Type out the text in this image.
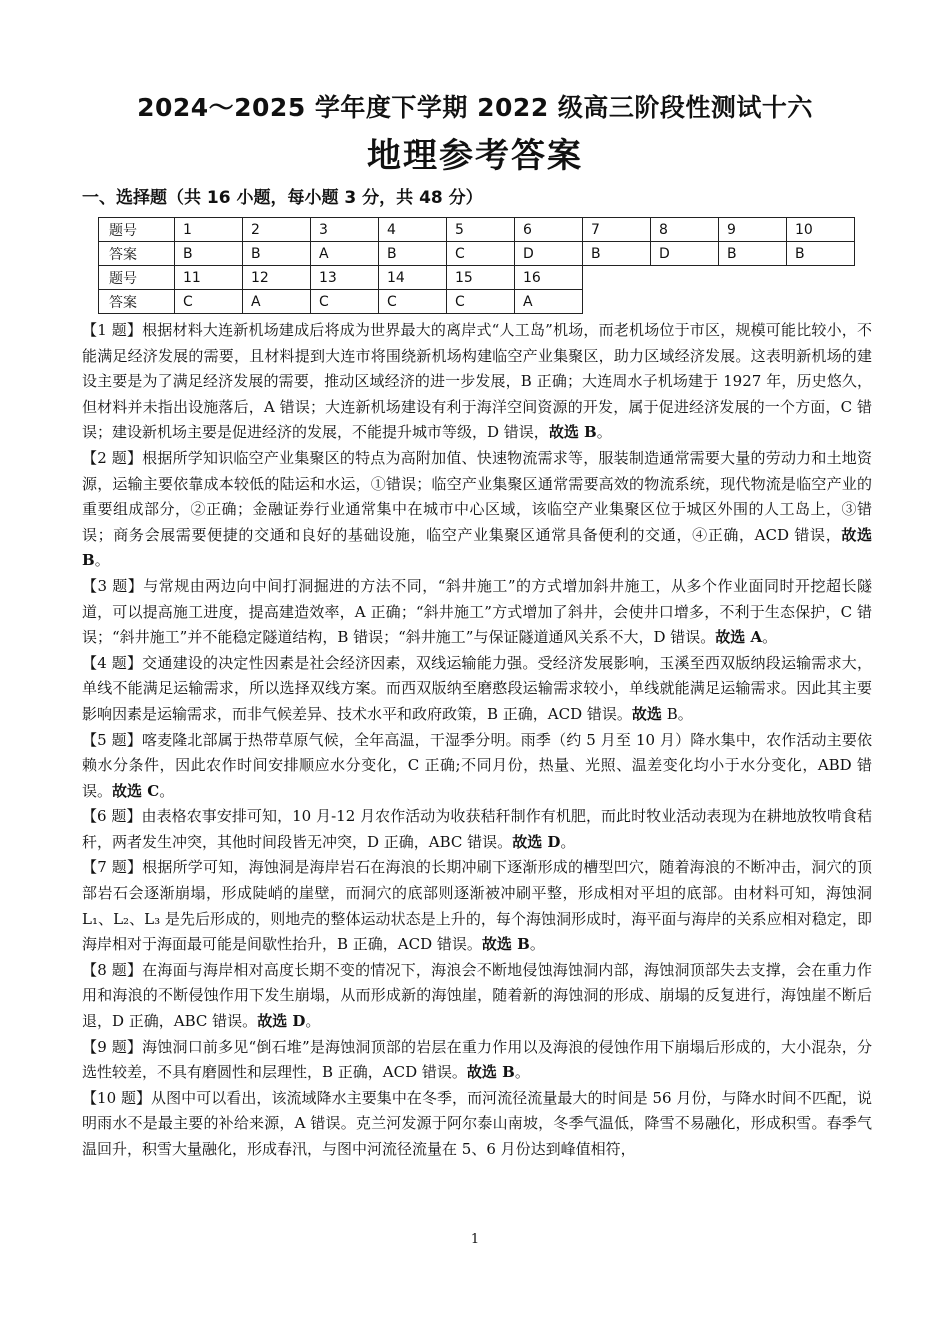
2024～2025 学年度下学期 2022 级高三阶段性测试十六
地理参考答案
一、选择题（共 16 小题，每小题 3 分，共 48 分）
题号	1	2	3	4	5	6	7	8	9	10
答案	B	B	A	B	C	D	B	D	B	B
题号	11	12	13	14	15	16				
答案	C	A	C	C	C	A				

【1 题】根据材料大连新机场建成后将成为世界最大的离岸式“人工岛”机场，而老机场位于市区，规模可能比较小，不能满足经济发展的需要，且材料提到大连市将围绕新机场构建临空产业集聚区，助力区域经济发展。这表明新机场的建设主要是为了满足经济发展的需要，推动区域经济的进一步发展，B 正确；大连周水子机场建于 1927 年，历史悠久，但材料并未指出设施落后，A 错误；大连新机场建设有利于海洋空间资源的开发，属于促进经济发展的一个方面，C 错误；建设新机场主要是促进经济的发展，不能提升城市等级，D 错误，故选 B。

【2 题】根据所学知识临空产业集聚区的特点为高附加值、快速物流需求等，服装制造通常需要大量的劳动力和土地资源，运输主要依靠成本较低的陆运和水运，①错误；临空产业集聚区通常需要高效的物流系统，现代物流是临空产业的重要组成部分，②正确；金融证券行业通常集中在城市中心区域，该临空产业集聚区位于城区外围的人工岛上，③错误；商务会展需要便捷的交通和良好的基础设施，临空产业集聚区通常具备便利的交通，④正确，ACD 错误，故选 B。

【3 题】与常规由两边向中间打洞掘进的方法不同，“斜井施工”的方式增加斜井施工，从多个作业面同时开挖超长隧道，可以提高施工进度，提高建造效率，A 正确；“斜井施工”方式增加了斜井，会使井口增多，不利于生态保护，C 错误；“斜井施工”并不能稳定隧道结构，B 错误；“斜井施工”与保证隧道通风关系不大，D 错误。故选 A。

【4 题】交通建设的决定性因素是社会经济因素，双线运输能力强。受经济发展影响，玉溪至西双版纳段运输需求大，单线不能满足运输需求，所以选择双线方案。而西双版纳至磨憨段运输需求较小，单线就能满足运输需求。因此其主要影响因素是运输需求，而非气候差异、技术水平和政府政策，B 正确，ACD 错误。故选 B。

【5 题】喀麦隆北部属于热带草原气候，全年高温，干湿季分明。雨季（约 5 月至 10 月）降水集中，农作活动主要依赖水分条件，因此农作时间安排顺应水分变化，C 正确;不同月份，热量、光照、温差变化均小于水分变化，ABD 错误。故选 C。

【6 题】由表格农事安排可知，10 月-12 月农作活动为收获秸秆制作有机肥，而此时牧业活动表现为在耕地放牧啃食秸秆，两者发生冲突，其他时间段皆无冲突，D 正确，ABC 错误。故选 D。

【7 题】根据所学可知，海蚀洞是海岸岩石在海浪的长期冲刷下逐渐形成的槽型凹穴，随着海浪的不断冲击，洞穴的顶部岩石会逐渐崩塌，形成陡峭的崖壁，而洞穴的底部则逐渐被冲刷平整，形成相对平坦的底部。由材料可知，海蚀洞 L₁、L₂、L₃ 是先后形成的，则地壳的整体运动状态是上升的，每个海蚀洞形成时，海平面与海岸的关系应相对稳定，即海岸相对于海面最可能是间歇性抬升，B 正确，ACD 错误。故选 B。

【8 题】在海面与海岸相对高度长期不变的情况下，海浪会不断地侵蚀海蚀洞内部，海蚀洞顶部失去支撑，会在重力作用和海浪的不断侵蚀作用下发生崩塌，从而形成新的海蚀崖，随着新的海蚀洞的形成、崩塌的反复进行，海蚀崖不断后退，D 正确，ABC 错误。故选 D。

【9 题】海蚀洞口前多见“倒石堆”是海蚀洞顶部的岩层在重力作用以及海浪的侵蚀作用下崩塌后形成的，大小混杂，分选性较差，不具有磨圆性和层理性，B 正确，ACD 错误。故选 B。

【10 题】从图中可以看出，该流域降水主要集中在冬季，而河流径流量最大的时间是 56 月份，与降水时间不匹配，说明雨水不是最主要的补给来源，A 错误。克兰河发源于阿尔泰山南坡，冬季气温低，降雪不易融化，形成积雪。春季气温回升，积雪大量融化，形成春汛，与图中河流径流量在 5、6 月份达到峰值相符，

1
